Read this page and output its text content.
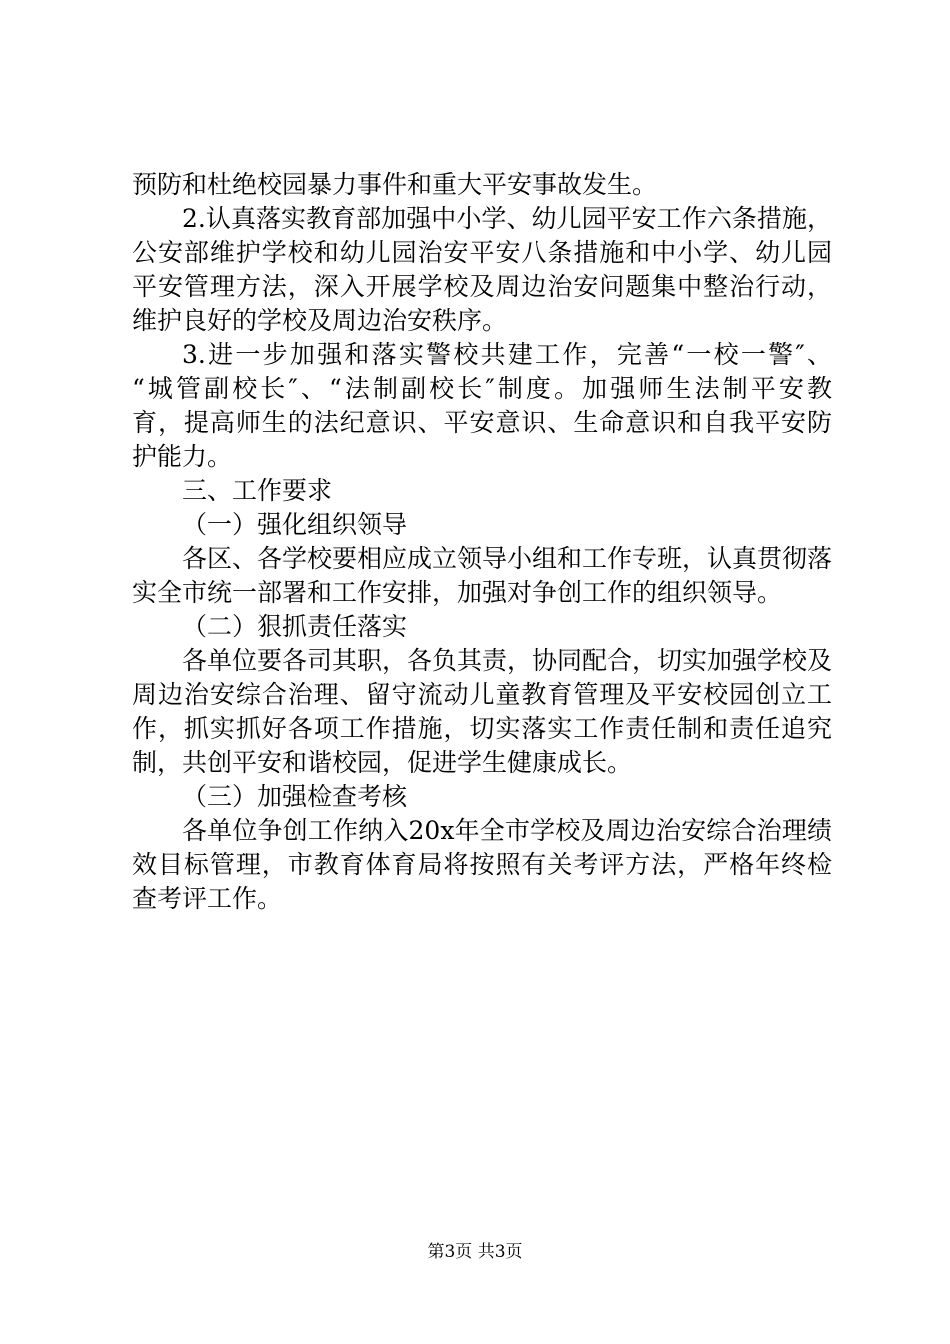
预防和杜绝校园暴力事件和重大平安事故发生。
2.认真落实教育部加强中小学、幼儿园平安工作六条措施，
公安部维护学校和幼儿园治安平安八条措施和中小学、幼儿园
平安管理方法，深入开展学校及周边治安问题集中整治行动，
维护良好的学校及周边治安秩序。
3.进一步加强和落实警校共建工作，完善“一校一警″、
“城管副校长″、“法制副校长″制度。加强师生法制平安教
育，提高师生的法纪意识、平安意识、生命意识和自我平安防
护能力。
三、工作要求
（一）强化组织领导
各区、各学校要相应成立领导小组和工作专班，认真贯彻落
实全市统一部署和工作安排，加强对争创工作的组织领导。
（二）狠抓责任落实
各单位要各司其职，各负其责，协同配合，切实加强学校及
周边治安综合治理、留守流动儿童教育管理及平安校园创立工
作，抓实抓好各项工作措施，切实落实工作责任制和责任追究
制，共创平安和谐校园，促进学生健康成长。
（三）加强检查考核
各单位争创工作纳入20x年全市学校及周边治安综合治理绩
效目标管理，市教育体育局将按照有关考评方法，严格年终检
查考评工作。
第3页 共3页
